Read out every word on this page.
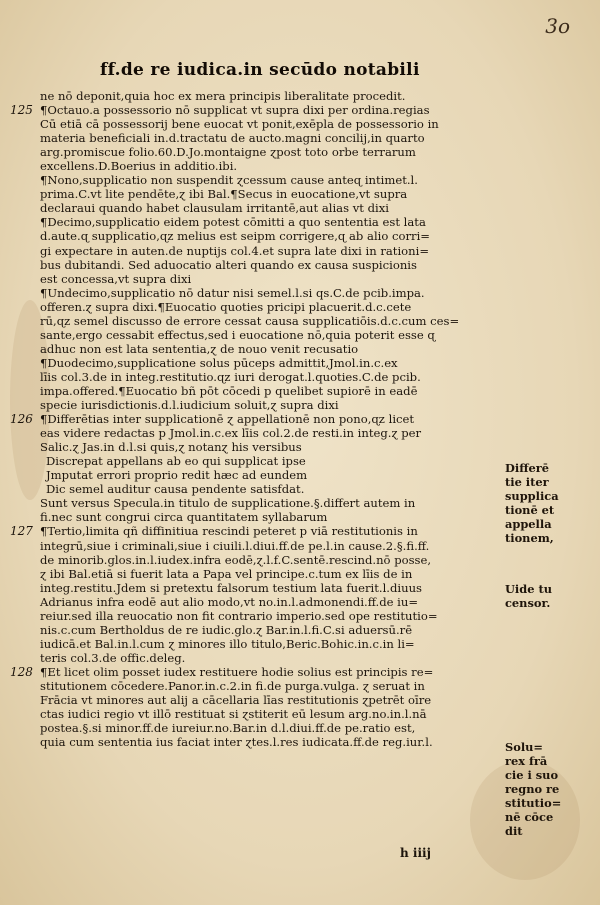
3o
ff.de re iudica.in secūdo notabili
ne nō deponit,quia hoc ex mera principis liberalitate procedit.
125 ¶Octauo.a possessorio nō supplicat vt supra dixi per ordina.regias
Cū etiā cā possessorij bene euocat vt ponit,exēpla de possessorio in
materia beneficiali in.d.tractatu de aucto.magni concilij,in quarto
arg.promiscue folio.60.D.Jo.montaigne ɀpost toto orbe terrarum
excellens.D.Boerius in additio.ibi.
¶Nono,supplicatio non suspendit ɀcessum cause anteɋ intimet.l.
prima.C.vt lite pendēte,ɀ ibi Bal.¶Secus in euocatione,vt supra
declaraui quando habet clausulam irritantē,aut alias vt dixi
¶Decimo,supplicatio eidem potest cōmitti a quo sententia est lata
d.aute.ɋ supplicatio,ɋz melius est seipm corrigere,ɋ ab alio corri=
gi expectare in auten.de nuptijs col.4.et supra late dixi in rationi=
bus dubitandi. Sed aduocatio alteri quando ex causa suspicionis
est concessa,vt supra dixi
¶Undecimo,supplicatio nō datur nisi semel.l.si qs.C.de pcib.impa.
offeren.ɀ supra dixi.¶Euocatio quoties pricipi placuerit.d.c.cete
rū,ɋz semel discusso de errore cessat causa supplicatiōis.d.c.cum ces=
sante,ergo cessabit effectus,sed i euocatione nō,quia poterit esse ɋ
adhuc non est lata sententia,ɀ de nouo venit recusatio
¶Duodecimo,supplicatione solus pūceps admittit,Jmol.in.c.ex
līis col.3.de in integ.restitutio.ɋz iuri derogat.l.quoties.C.de pcib.
impa.offered.¶Euocatio bñ pōt cōcedi p quelibet supiorē in eadē
specie iurisdictionis.d.l.iudicium soluit,ɀ supra dixi
126 ¶Differētias inter supplicationē ɀ appellationē non pono,ɋz licet
eas videre redactas p Jmol.in.c.ex līis col.2.de resti.in integ.ɀ per
Salic.ɀ Jas.in d.l.si quis,ɀ notanɀ his versibus
Discrepat appellans ab eo qui supplicat ipse
Jmputat errori proprio redit hæc ad eundem
Dic semel auditur causa pendente satisfdat.
Sunt versus Specula.in titulo de supplicatione.§.differt autem in
fi.nec sunt congrui circa quantitatem syllabarum
127 ¶Tertio,limita qñ diffinitiua rescindi peteret p viā restitutionis in
integrū,siue i criminali,siue i ciuili.l.diui.ff.de pe.l.in cause.2.§.fi.ff.
de minorib.glos.in.l.iudex.infra eodē,ɀ.l.f.C.sentē.rescind.nō posse,
ɀ ibi Bal.etiā si fuerit lata a Papa vel principe.c.tum ex līis de in
integ.restitu.Jdem si pretextu falsorum testium lata fuerit.l.diuus
Adrianus infra eodē aut alio modo,vt no.in.l.admonendi.ff.de iu=
reiur.sed illa reuocatio non fit contrario imperio.sed ope restitutio=
nis.c.cum Bertholdus de re iudic.glo.ɀ Bar.in.l.fi.C.si aduersū.rē
iudicā.et Bal.in.l.cum ɀ minores illo titulo,Beric.Bohic.in.c.in li=
teris col.3.de offic.deleg.
128 ¶Et licet olim posset iudex restituere hodie solius est principis re=
stitutionem cōcedere.Panor.in.c.2.in fi.de purga.vulga. ɀ seruat in
Frācia vt minores aut alij a cācellaria līas restitutionis ɀpetrēt oīre
ctas iudici regio vt illō restituat si ɀstiterit eū lesum arg.no.in.l.nā
postea.§.si minor.ff.de iureiur.no.Bar.in d.l.diui.ff.de pe.ratio est,
quia cum sententia ius faciat inter ɀtes.l.res iudicata.ff.de reg.iur.l.
Differē
tie iter
supplica
tionē et
appella
tionem,
Uide tu
censor.
Solu=
rex frā
cie i suo
regno re
stitutio=
nē cōce
dit
h iiij
